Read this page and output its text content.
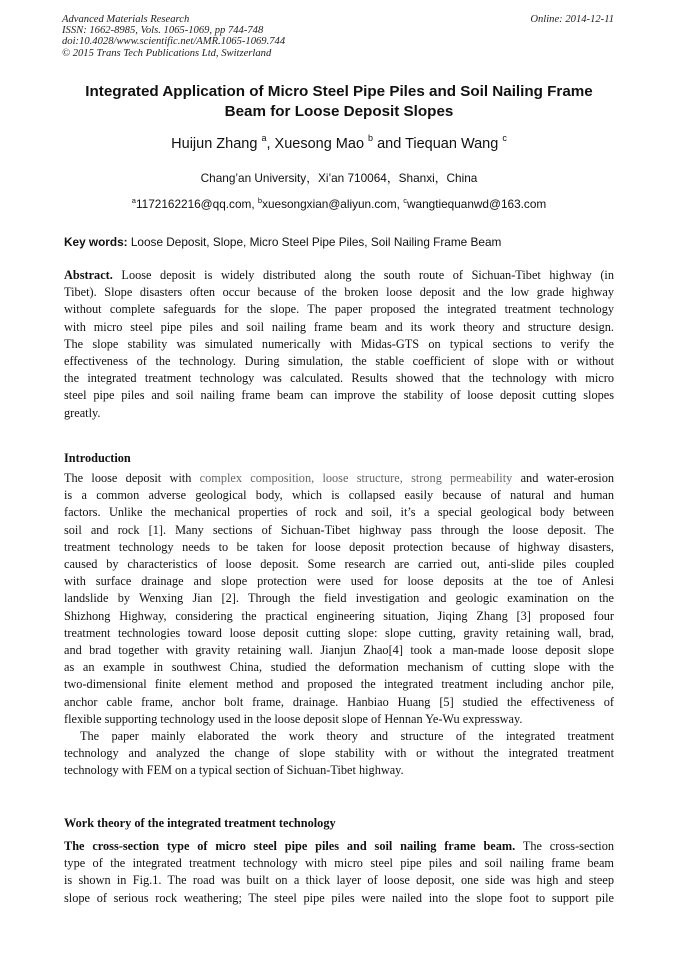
Advanced Materials Research
ISSN: 1662-8985, Vols. 1065-1069, pp 744-748
doi:10.4028/www.scientific.net/AMR.1065-1069.744
© 2015 Trans Tech Publications Ltd, Switzerland
Online: 2014-12-11
Integrated Application of Micro Steel Pipe Piles and Soil Nailing Frame
Beam for Loose Deposit Slopes
Huijun Zhang $^a$, Xuesong Mao $^b$ and Tiequan Wang $^c$
Chang’an University，Xi’an 710064，Shanxi，China
$^a$1172162216@qq.com, $^b$xuesongxian@aliyun.com, $^c$wangtiequanwd@163.com
Key words: Loose Deposit, Slope, Micro Steel Pipe Piles, Soil Nailing Frame Beam
Abstract. Loose deposit is widely distributed along the south route of Sichuan-Tibet highway (in
Tibet). Slope disasters often occur because of the broken loose deposit and the low grade highway
without complete safeguards for the slope. The paper proposed the integrated treatment technology
with micro steel pipe piles and soil nailing frame beam and its work theory and structure design.
The slope stability was simulated numerically with Midas-GTS on typical sections to verify the
effectiveness of the technology. During simulation, the stable coefficient of slope with or without
the integrated treatment technology was calculated. Results showed that the technology with micro
steel pipe piles and soil nailing frame beam can improve the stability of loose deposit cutting slopes
greatly.
Introduction
The loose deposit with complex composition, loose structure, strong permeability and water-erosion
is a common adverse geological body, which is collapsed easily because of natural and human
factors. Unlike the mechanical properties of rock and soil, it’s a special geological body between
soil and rock [1]. Many sections of Sichuan-Tibet highway pass through the loose deposit. The
treatment technology needs to be taken for loose deposit protection because of highway disasters,
caused by characteristics of loose deposit. Some research are carried out, anti-slide piles coupled
with surface drainage and slope protection were used for loose deposits at the toe of Anlesi
landslide by Wenxing Jian [2]. Through the field investigation and geologic examination on the
Shizhong Highway, considering the practical engineering situation, Jiqing Zhang [3] proposed four
treatment technologies toward loose deposit cutting slope: slope cutting, gravity retaining wall, brad,
and brad together with gravity retaining wall. Jianjun Zhao[4] took a man-made loose deposit slope
as an example in southwest China, studied the deformation mechanism of cutting slope with the
two-dimensional finite element method and proposed the integrated treatment including anchor pile,
anchor cable frame, anchor bolt frame, drainage. Hanbiao Huang [5] studied the effectiveness of
flexible supporting technology used in the loose deposit slope of Hennan Ye-Wu expressway.
The paper mainly elaborated the work theory and structure of the integrated treatment
technology and analyzed the change of slope stability with or without the integrated treatment
technology with FEM on a typical section of Sichuan-Tibet highway.
Work theory of the integrated treatment technology
The cross-section type of micro steel pipe piles and soil nailing frame beam. The cross-section
type of the integrated treatment technology with micro steel pipe piles and soil nailing frame beam
is shown in Fig.1. The road was built on a thick layer of loose deposit, one side was high and steep
slope of serious rock weathering; The steel pipe piles were nailed into the slope foot to support pile
